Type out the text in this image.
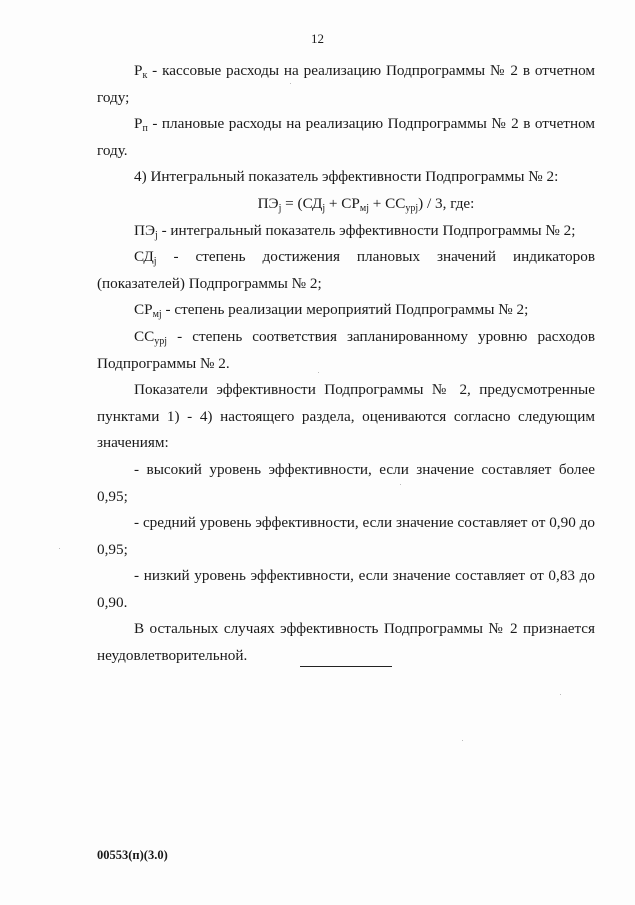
12

$Р_к$ - кассовые расходы на реализацию Подпрограммы № 2 в отчетном году;

$Р_п$ - плановые расходы на реализацию Подпрограммы № 2 в отчетном году.

4) Интегральный показатель эффективности Подпрограммы № 2:

$ПЭ_j = (СД_j + СР_{мj} + СС_{урj}) / 3$, где:

$ПЭ_j$ - интегральный показатель эффективности Подпрограммы № 2;

$СД_j$ - степень достижения плановых значений индикаторов (показателей) Подпрограммы № 2;

$СР_{мj}$ - степень реализации мероприятий Подпрограммы № 2;

$СС_{урj}$ - степень соответствия запланированному уровню расходов Подпрограммы № 2.

Показатели эффективности Подпрограммы № 2, предусмотренные пунктами 1) - 4) настоящего раздела, оцениваются согласно следующим значениям:

- высокий уровень эффективности, если значение составляет более 0,95;

- средний уровень эффективности, если значение составляет от 0,90 до 0,95;

- низкий уровень эффективности, если значение составляет от 0,83 до 0,90.

В остальных случаях эффективность Подпрограммы № 2 признается неудовлетворительной.

00553(п)(3.0)
